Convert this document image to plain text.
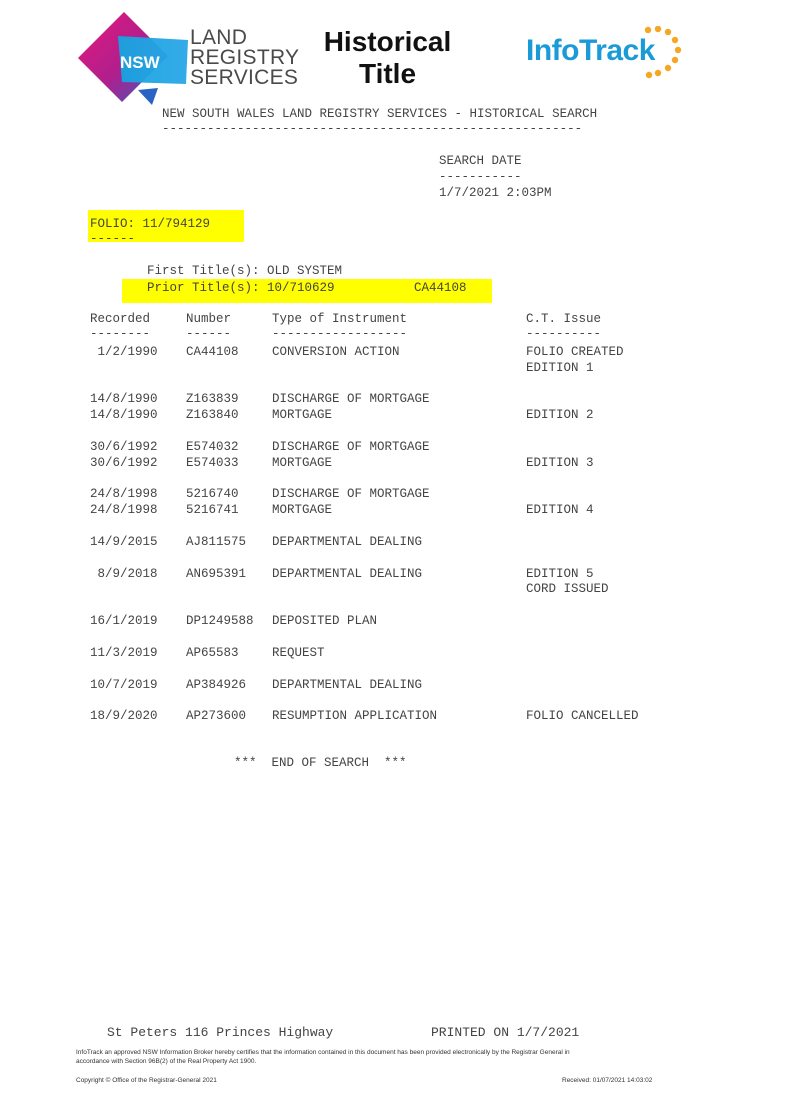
NSW
LAND
REGISTRY
SERVICES
Historical
Title
InfoTrack
NEW SOUTH WALES LAND REGISTRY SERVICES - HISTORICAL SEARCH
--------------------------------------------------------
SEARCH DATE
-----------
1/7/2021 2:03PM
FOLIO: 11/794129
------
First Title(s): OLD SYSTEM
Prior Title(s): 10/710629	CA44108
Recorded	Number	Type of Instrument	C.T. Issue
--------	------	------------------	----------
1/2/1990 CA44108	CONVERSION ACTION	FOLIO CREATED
EDITION 1
14/8/1990 Z163839	DISCHARGE OF MORTGAGE
14/8/1990 Z163840	MORTGAGE	EDITION 2
30/6/1992 E574032	DISCHARGE OF MORTGAGE
30/6/1992 E574033	MORTGAGE	EDITION 3
24/8/1998 5216740	DISCHARGE OF MORTGAGE
24/8/1998 5216741	MORTGAGE	EDITION 4
14/9/2015 AJ811575 DEPARTMENTAL DEALING
8/9/2018 AN695391 DEPARTMENTAL DEALING	EDITION 5
CORD ISSUED
16/1/2019 DP1249588 DEPOSITED PLAN
11/3/2019 AP65583	REQUEST
10/7/2019 AP384926 DEPARTMENTAL DEALING
18/9/2020 AP273600 RESUMPTION APPLICATION	FOLIO CANCELLED
***  END OF SEARCH  ***
St Peters 116 Princes Highway	PRINTED ON 1/7/2021
InfoTrack an approved NSW Information Broker hereby certifies that the information contained in this document has been provided electronically by the Registrar General in
accordance with Section 96B(2) of the Real Property Act 1900.
Copyright © Office of the Registrar-General 2021	Received: 01/07/2021 14:03:02
